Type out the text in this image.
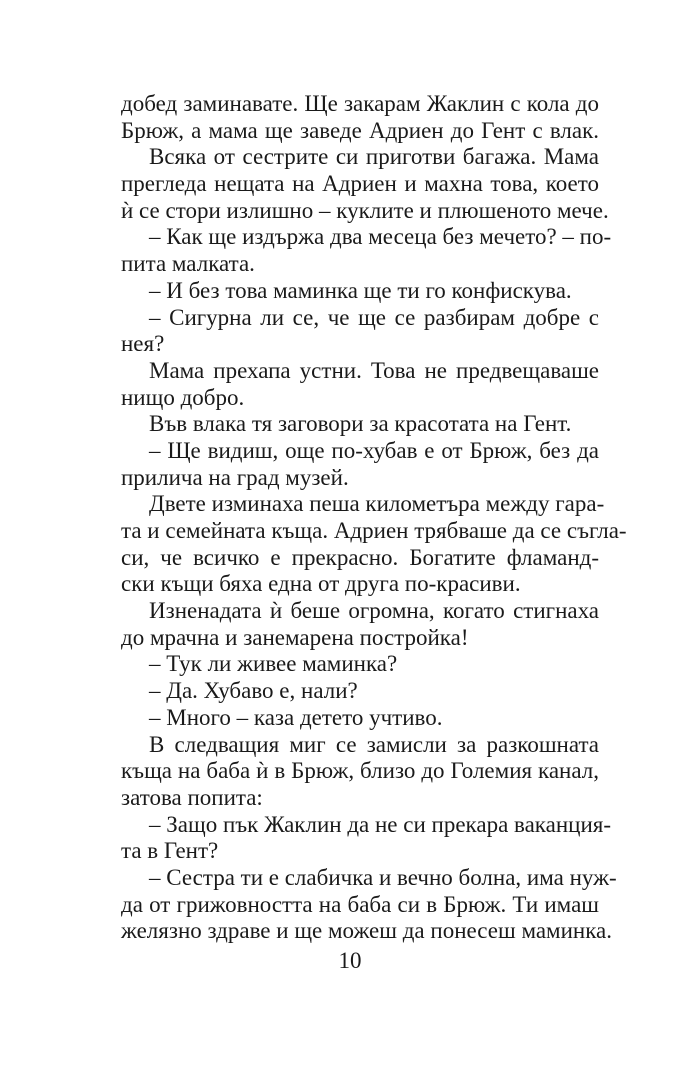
добед заминавате. Ще закарам Жаклин с кола до
Брюж, а мама ще заведе Адриен до Гент с влак.
Всяка от сестрите си приготви багажа. Мама
прегледа нещата на Адриен и махна това, което
ѝ се стори излишно – куклите и плюшеното мече.
– Как ще издържа два месеца без мечето? – по-
пита малката.
– И без това маминка ще ти го конфискува.
– Сигурна ли се, че ще се разбирам добре с
нея?
Мама прехапа устни. Това не предвещаваше
нищо добро.
Във влака тя заговори за красотата на Гент.
– Ще видиш, още по-хубав е от Брюж, без да
прилича на град музей.
Двете изминаха пеша километъра между гара-
та и семейната къща. Адриен трябваше да се съгла-
си, че всичко е прекрасно. Богатите фламанд-
ски къщи бяха една от друга по-красиви.
Изненадата ѝ беше огромна, когато стигнаха
до мрачна и занемарена постройка!
– Тук ли живее маминка?
– Да. Хубаво е, нали?
– Много – каза детето учтиво.
В следващия миг се замисли за разкошната
къща на баба ѝ в Брюж, близо до Големия канал,
затова попита:
– Защо пък Жаклин да не си прекара ваканция-
та в Гент?
– Сестра ти е слабичка и вечно болна, има нуж-
да от грижовността на баба си в Брюж. Ти имаш
желязно здраве и ще можеш да понесеш маминка.
10
